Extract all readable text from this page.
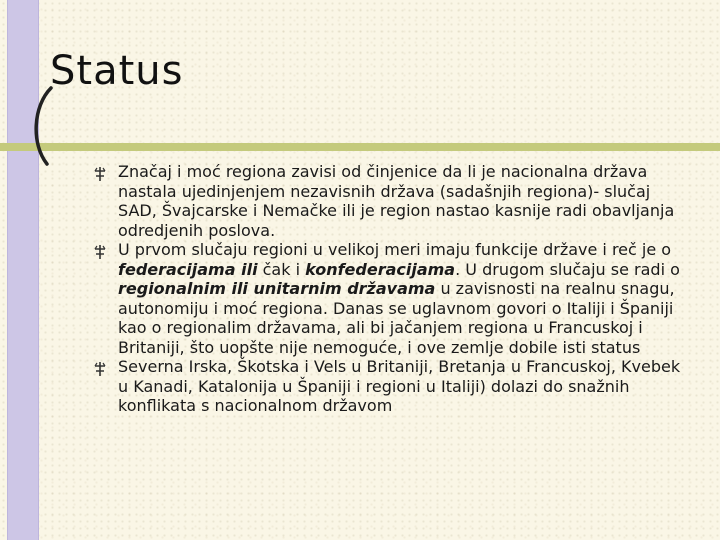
Status
Značaj i moć regiona zavisi od činjenice da li je nacionalna država nastala ujedinjenjem nezavisnih država (sadašnjih regiona)- slučaj SAD, Švajcarske i Nemačke ili je region nastao kasnije radi obavljanja odredjenih poslova.
U prvom slučaju regioni u velikoj meri imaju funkcije države i reč je o federacijama ili čak i konfederacijama. U drugom slučaju se radi o regionalnim ili unitarnim državama u zavisnosti na realnu snagu, autonomiju i moć regiona. Danas se uglavnom govori o Italiji i Španiji kao o regionalim državama, ali bi jačanjem regiona u Francuskoj i Britaniji, što uopšte nije nemoguće, i ove zemlje dobile isti status
Severna Irska, Škotska i Vels u Britaniji, Bretanja u Francuskoj, Kvebek u Kanadi, Katalonija u Španiji i regioni u Italiji) dolazi do snažnih konflikata s nacionalnom državom
